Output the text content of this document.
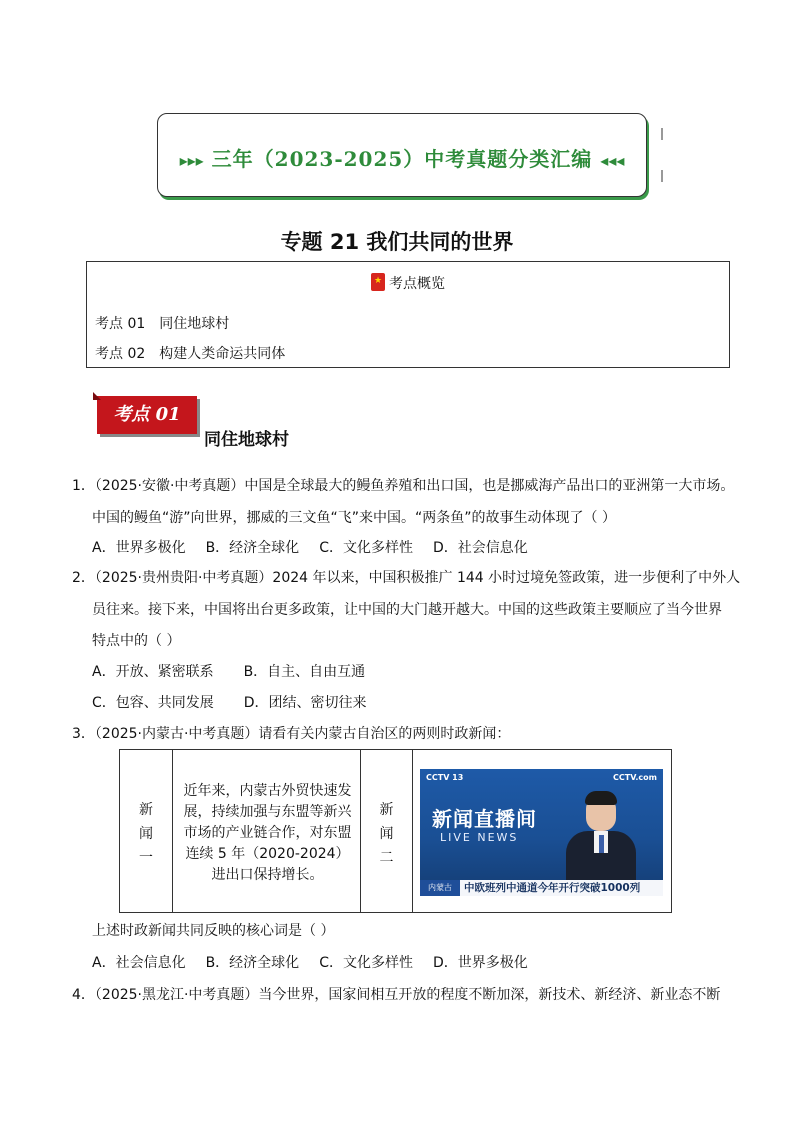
▸▸▸ 三年（2023-2025）中考真题分类汇编 ◂◂◂
专题 21 我们共同的世界
★考点概览
考点 01 同住地球村
考点 02 构建人类命运共同体
考点 01
同住地球村
1．（2025·安徽·中考真题）中国是全球最大的鳗鱼养殖和出口国，也是挪威海产品出口的亚洲第一大市场。
中国的鳗鱼“游”向世界，挪威的三文鱼“飞”来中国。“两条鱼”的故事生动体现了（ ）
A．世界多极化 B．经济全球化 C．文化多样性 D．社会信息化
2．（2025·贵州贵阳·中考真题）2024 年以来，中国积极推广 144 小时过境免签政策，进一步便利了中外人
员往来。接下来，中国将出台更多政策，让中国的大门越开越大。中国的这些政策主要顺应了当今世界
特点中的（ ）
A．开放、紧密联系 B．自主、自由互通
C．包容、共同发展 D．团结、密切往来
3．（2025·内蒙古·中考真题）请看有关内蒙古自治区的两则时政新闻：
新
闻
一
近年来，内蒙古外贸快速发展，持续加强与东盟等新兴市场的产业链合作，对东盟连续 5 年（2020-2024）进出口保持增长。
新
闻
二
CCTV 13	CCTV.com
新闻直播间
LIVE NEWS
内蒙古	中欧班列中通道今年开行突破1000列
上述时政新闻共同反映的核心词是（ ）
A．社会信息化 B．经济全球化 C．文化多样性 D．世界多极化
4．（2025·黑龙江·中考真题）当今世界，国家间相互开放的程度不断加深，新技术、新经济、新业态不断
